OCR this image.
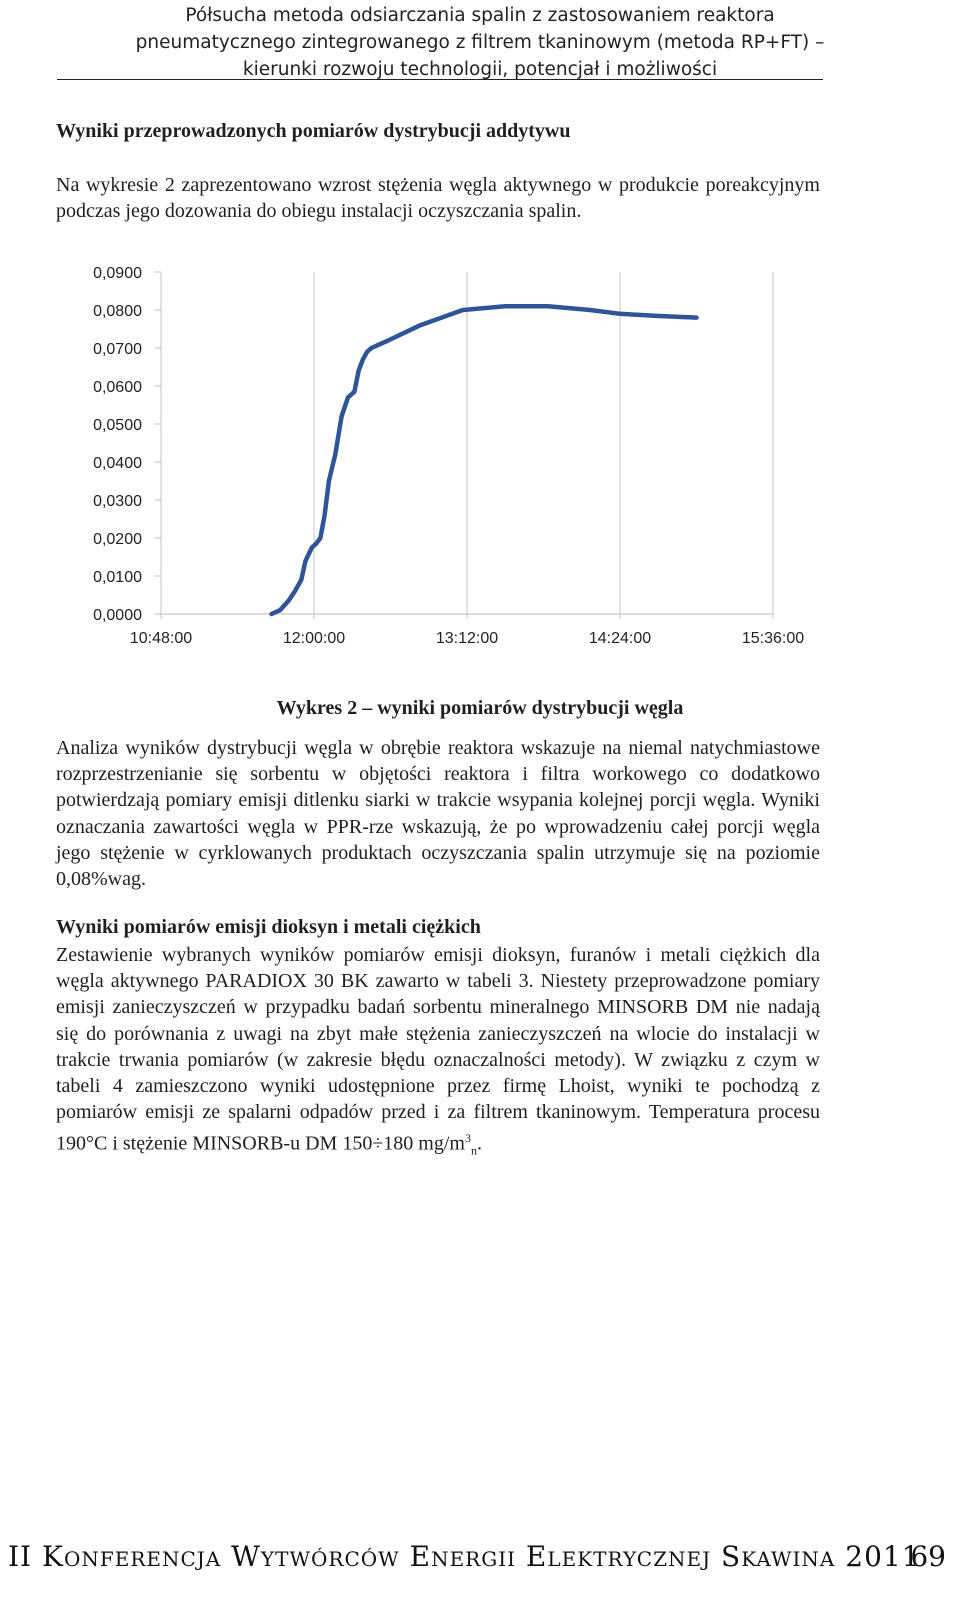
Półsucha metoda odsiarczania spalin z zastosowaniem reaktora
pneumatycznego zintegrowanego z filtrem tkaninowym (metoda RP+FT) –
kierunki rozwoju technologii, potencjał i możliwości
Wyniki przeprowadzonych pomiarów dystrybucji addytywu
Na wykresie 2 zaprezentowano wzrost stężenia węgla aktywnego w produkcie poreakcyjnym podczas jego dozowania do obiegu instalacji oczyszczania spalin.
0,0000
0,0100
0,0200
0,0300
0,0400
0,0500
0,0600
0,0700
0,0800
0,0900
10:48:00	12:00:00	13:12:00	14:24:00	15:36:00
Wykres 2 – wyniki pomiarów dystrybucji węgla
Analiza wyników dystrybucji węgla w obrębie reaktora wskazuje na niemal natychmiastowe rozprzestrzenianie się sorbentu w objętości reaktora i filtra workowego co dodatkowo potwierdzają pomiary emisji ditlenku siarki w trakcie wsypania kolejnej porcji węgla. Wyniki oznaczania zawartości węgla w PPR-rze wskazują, że po wprowadzeniu całej porcji węgla jego stężenie w cyrklowanych produktach oczyszczania spalin utrzymuje się na poziomie 0,08%wag.
Wyniki pomiarów emisji dioksyn i metali ciężkich
Zestawienie wybranych wyników pomiarów emisji dioksyn, furanów i metali ciężkich dla węgla aktywnego PARADIOX 30 BK zawarto w tabeli 3. Niestety przeprowadzone pomiary emisji zanieczyszczeń w przypadku badań sorbentu mineralnego MINSORB DM nie nadają się do porównania z uwagi na zbyt małe stężenia zanieczyszczeń na wlocie do instalacji w trakcie trwania pomiarów (w zakresie błędu oznaczalności metody). W związku z czym w tabeli 4 zamieszczono wyniki udostępnione przez firmę Lhoist, wyniki te pochodzą z pomiarów emisji ze spalarni odpadów przed i za filtrem tkaninowym. Temperatura procesu 190°C i stężenie MINSORB-u DM 150÷180 $mg/m^3_n$.
II Konferencja Wytwórców Energii Elektrycznej Skawina 2011
69
